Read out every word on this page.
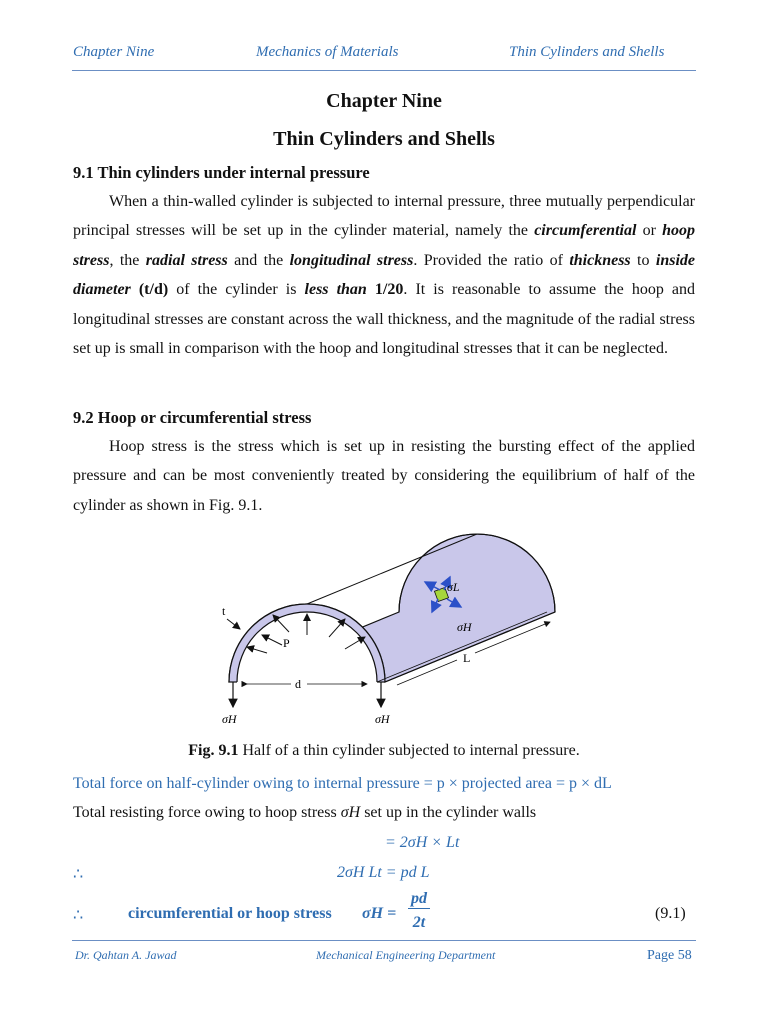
Chapter Nine	Mechanics of Materials	Thin Cylinders and Shells
Chapter Nine
Thin Cylinders and Shells
9.1 Thin cylinders under internal pressure

When a thin-walled cylinder is subjected to internal pressure, three mutually perpendicular principal stresses will be set up in the cylinder material, namely the circumferential or hoop stress, the radial stress and the longitudinal stress. Provided the ratio of thickness to inside diameter (t/d) of the cylinder is less than 1/20. It is reasonable to assume the hoop and longitudinal stresses are constant across the wall thickness, and the magnitude of the radial stress set up is small in comparison with the hoop and longitudinal stresses that it can be neglected.

9.2 Hoop or circumferential stress

Hoop stress is the stress which is set up in resisting the bursting effect of the applied pressure and can be most conveniently treated by considering the equilibrium of half of the cylinder as shown in Fig. 9.1.

t
P
d
L
σL
σH
σH	σH
Fig. 9.1 Half of a thin cylinder subjected to internal pressure.
Total force on half-cylinder owing to internal pressure = p × projected area = p × dL
Total resisting force owing to hoop stress σH set up in the cylinder walls
= 2σH × Lt
∴	2σH Lt = pd L
∴	circumferential or hoop stress σH =
pd
2t
(9.1)
Dr. Qahtan A. Jawad	Mechanical Engineering Department	Page 58
